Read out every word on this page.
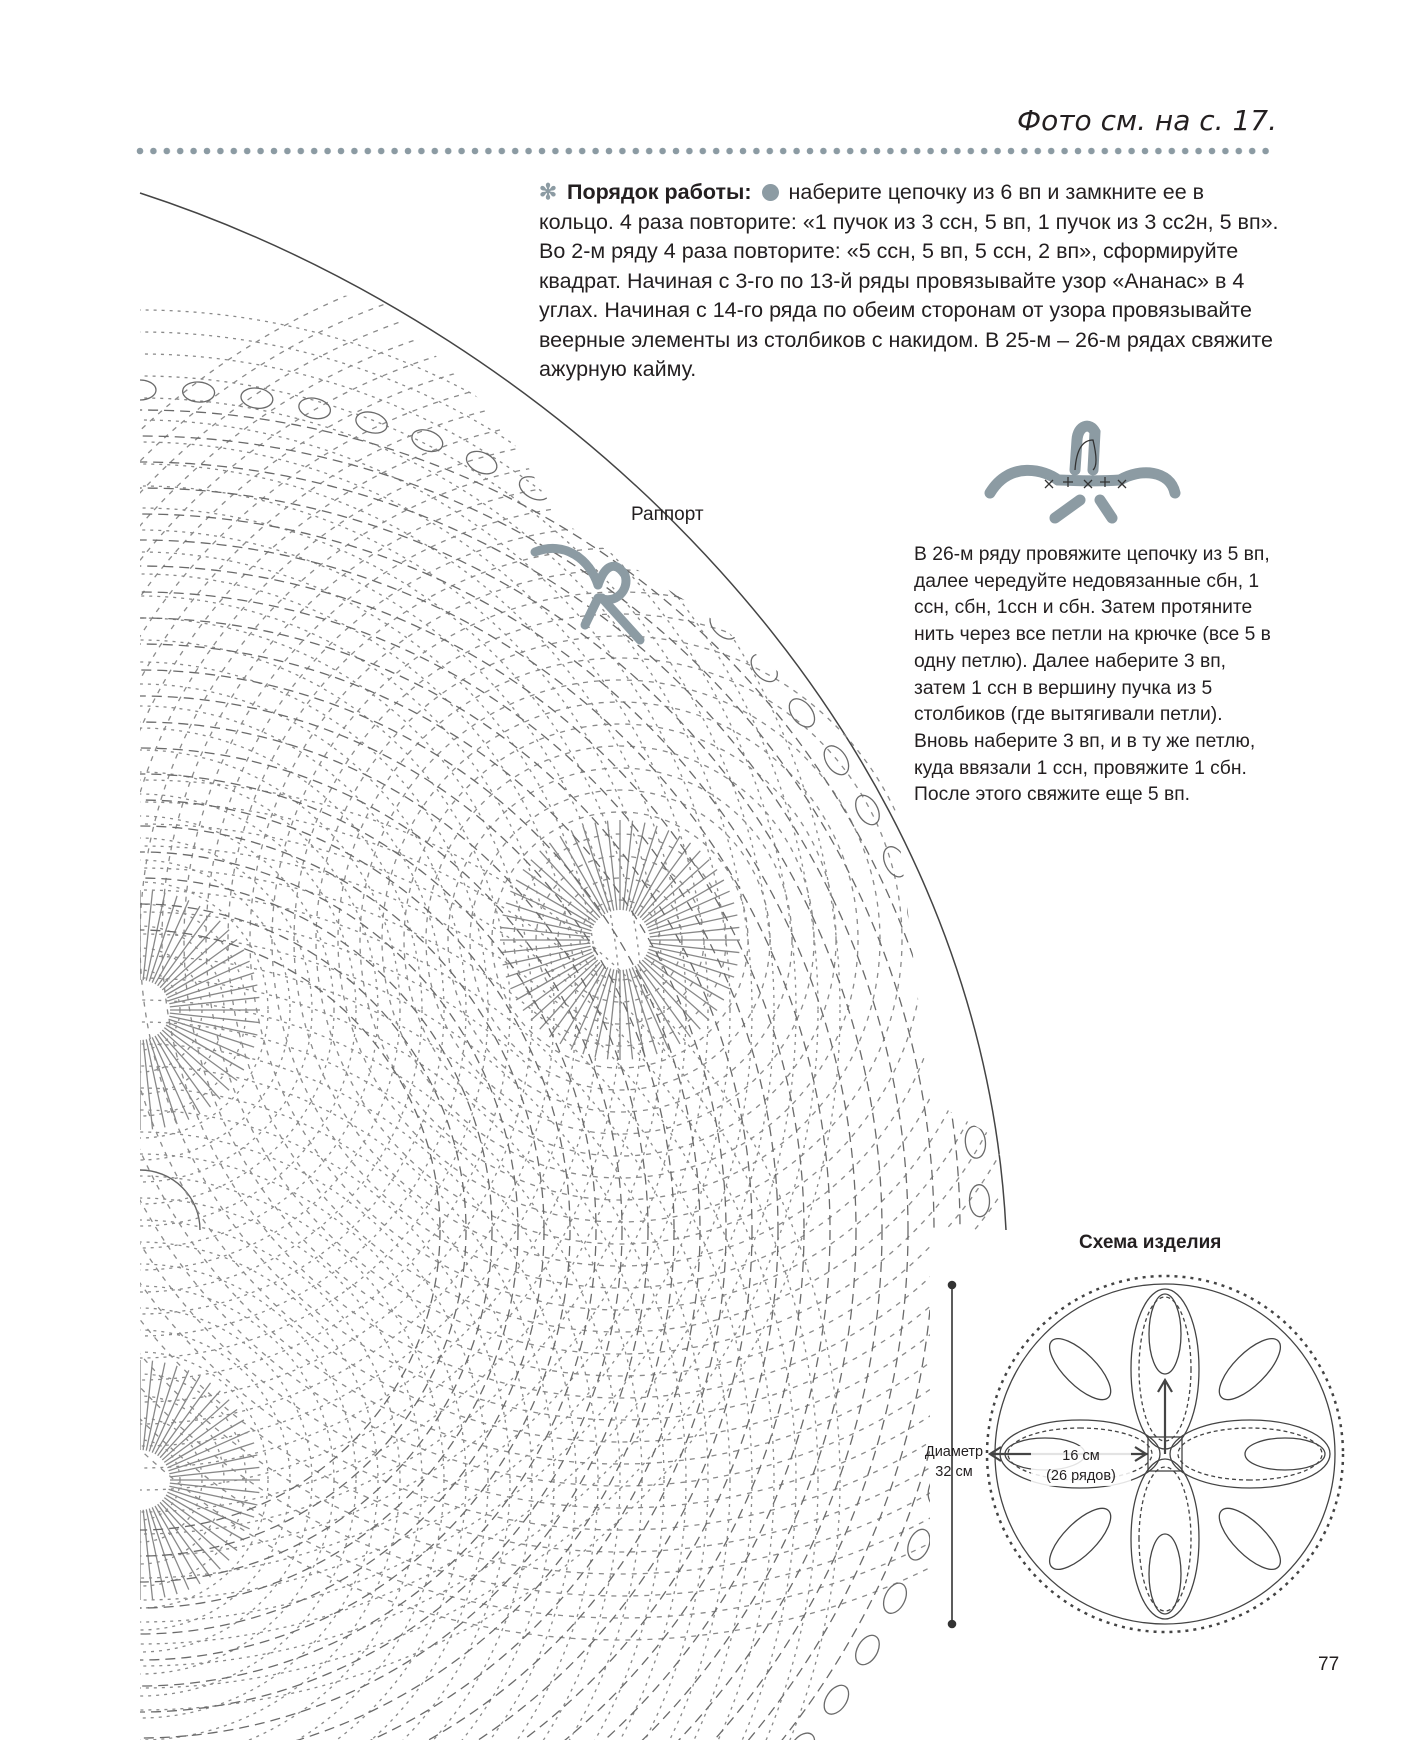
Фото см. на с. 17.
✻ Порядок работы: наберите цепочку из 6 вп и замкните ее в кольцо. 4 раза повторите: «1 пучок из 3 ссн, 5 вп, 1 пучок из 3 сс2н, 5 вп». Во 2-м ряду 4 раза повторите: «5 ссн, 5 вп, 5 ссн, 2 вп», сформируйте квадрат. Начиная с 3-го по 13-й ряды провязывайте узор «Ананас» в 4 углах. Начиная с 14-го ряда по обеим сторонам от узора провязывайте веерные элементы из столбиков с накидом. В 25-м – 26-м рядах свяжите ажурную кайму.
Раппорт
В 26-м ряду провяжите цепочку из 5 вп, далее чередуйте недовязанные сбн, 1 ссн, сбн, 1ссн и сбн. Затем протяните нить через все петли на крючке (все 5 в одну петлю). Далее наберите 3 вп, затем 1 ссн в вершину пучка из 5 столбиков (где вытягивали петли). Вновь наберите 3 вп, и в ту же петлю, куда ввязали 1 ссн, провяжите 1 сбн. После этого свяжите еще 5 вп.
Схема изделия
Диаметр
32 см
16 см
(26 рядов)
77
